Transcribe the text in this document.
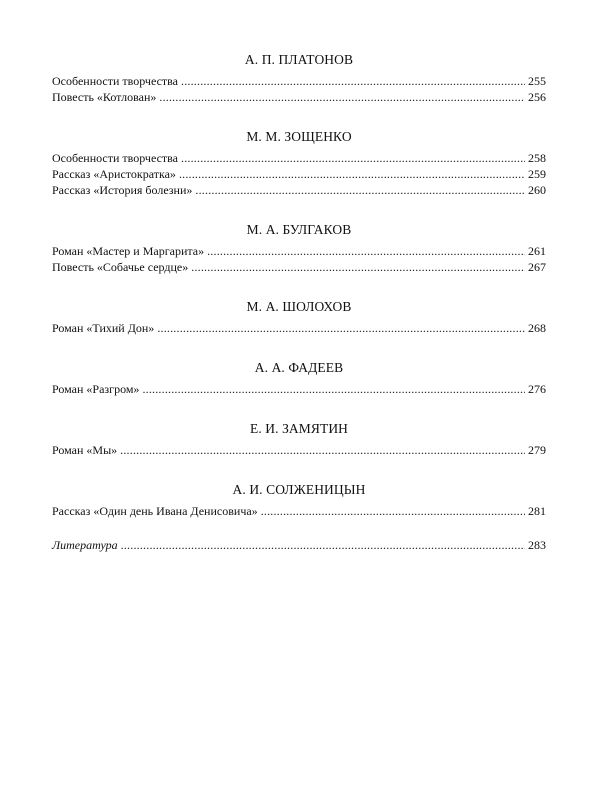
А. П. ПЛАТОНОВ
Особенности творчества .....	255
Повесть «Котлован» .....	256
М. М. ЗОЩЕНКО
Особенности творчества .....	258
Рассказ «Аристократка» .....	259
Рассказ «История болезни» .....	260
М. А. БУЛГАКОВ
Роман «Мастер и Маргарита» .....	261
Повесть «Собачье сердце» .....	267
М. А. ШОЛОХОВ
Роман «Тихий Дон» .....	268
А. А. ФАДЕЕВ
Роман «Разгром» .....	276
Е. И. ЗАМЯТИН
Роман «Мы» .....	279
А. И. СОЛЖЕНИЦЫН
Рассказ «Один день Ивана Денисовича» .....	281
Литература .....	283
